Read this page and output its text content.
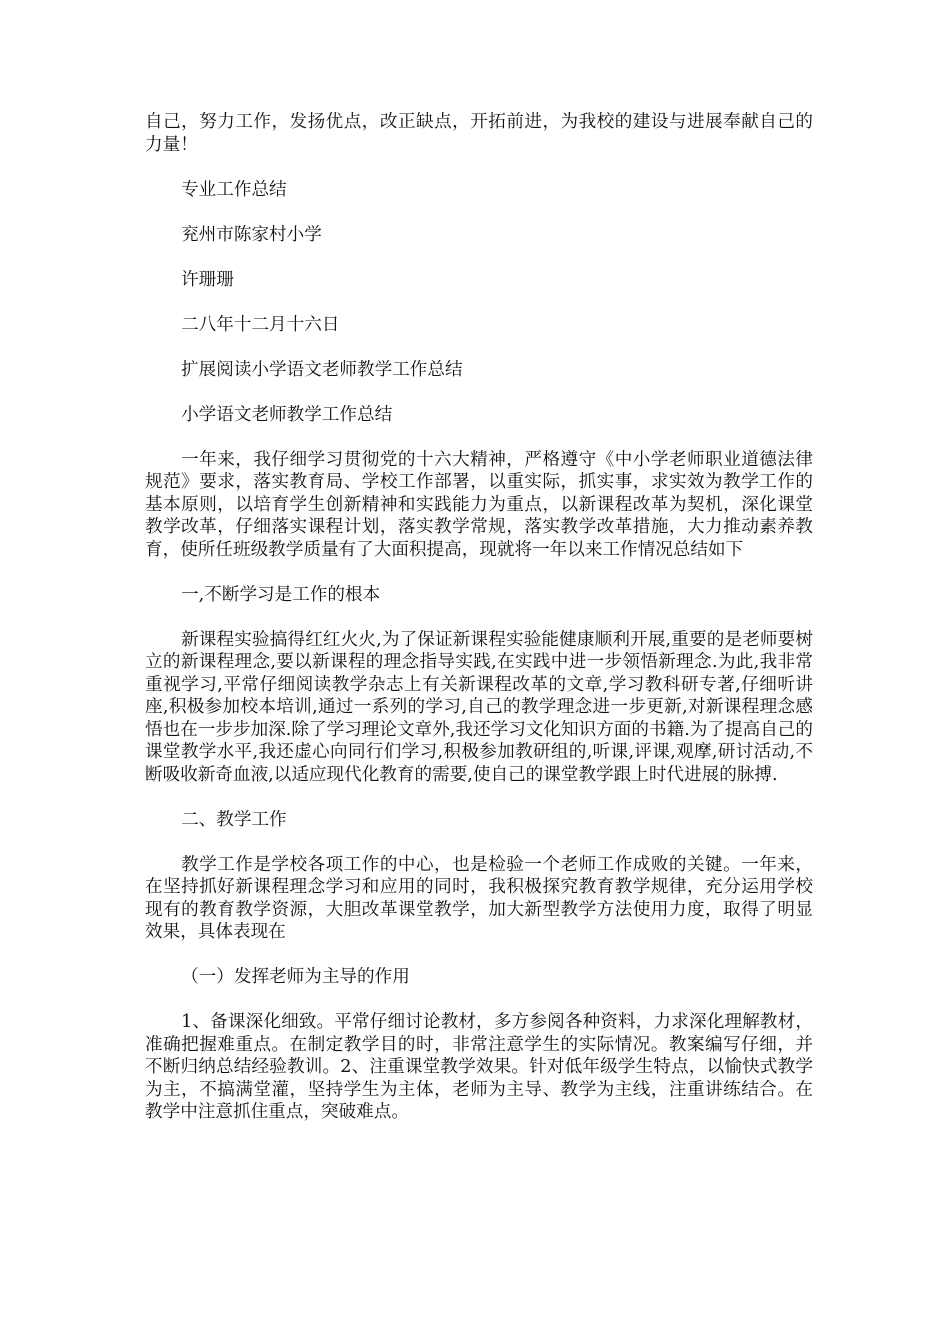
自己，努力工作，发扬优点，改正缺点，开拓前进，为我校的建设与进展奉献自己的力量！

专业工作总结

兖州市陈家村小学

许珊珊

二八年十二月十六日

扩展阅读小学语文老师教学工作总结

小学语文老师教学工作总结

一年来，我仔细学习贯彻党的十六大精神，严格遵守《中小学老师职业道德法律规范》要求，落实教育局、学校工作部署，以重实际，抓实事，求实效为教学工作的基本原则，以培育学生创新精神和实践能力为重点，以新课程改革为契机，深化课堂教学改革，仔细落实课程计划，落实教学常规，落实教学改革措施，大力推动素养教育，使所任班级教学质量有了大面积提高，现就将一年以来工作情况总结如下

一,不断学习是工作的根本

新课程实验搞得红红火火,为了保证新课程实验能健康顺利开展,重要的是老师要树立的新课程理念,要以新课程的理念指导实践,在实践中进一步领悟新理念.为此,我非常重视学习,平常仔细阅读教学杂志上有关新课程改革的文章,学习教科研专著,仔细听讲座,积极参加校本培训,通过一系列的学习,自己的教学理念进一步更新,对新课程理念感悟也在一步步加深.除了学习理论文章外,我还学习文化知识方面的书籍.为了提高自己的课堂教学水平,我还虚心向同行们学习,积极参加教研组的,听课,评课,观摩,研讨活动,不断吸收新奇血液,以适应现代化教育的需要,使自己的课堂教学跟上时代进展的脉搏.

二、教学工作

教学工作是学校各项工作的中心，也是检验一个老师工作成败的关键。一年来，在坚持抓好新课程理念学习和应用的同时，我积极探究教育教学规律，充分运用学校现有的教育教学资源，大胆改革课堂教学，加大新型教学方法使用力度，取得了明显效果，具体表现在

（一）发挥老师为主导的作用

1、备课深化细致。平常仔细讨论教材，多方参阅各种资料，力求深化理解教材，准确把握难重点。在制定教学目的时，非常注意学生的实际情况。教案编写仔细，并不断归纳总结经验教训。2、注重课堂教学效果。针对低年级学生特点，以愉快式教学为主，不搞满堂灌，坚持学生为主体，老师为主导、教学为主线，注重讲练结合。在教学中注意抓住重点，突破难点。
